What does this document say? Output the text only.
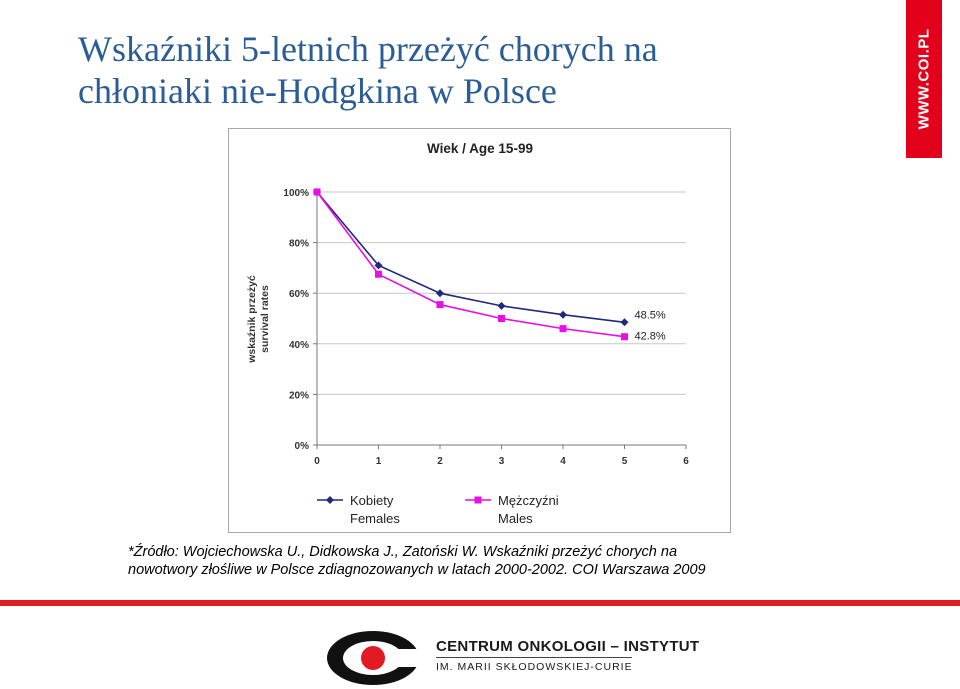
Wskaźniki 5-letnich przeżyć chorych na
chłoniaki nie-Hodgkina w Polsce	WWW.COI.PL
Wiek / Age 15-99
0%
20%
40%
60%
80%
100%
0	1	2	3	4	5	6
wskaźnik przeżyć survival rates	48.5%
42.8%
Kobiety
Females
Mężczyźni
Males
*Źródło: Wojciechowska U., Didkowska J., Zatoński W. Wskaźniki przeżyć chorych na
nowotwory złośliwe w Polsce zdiagnozowanych w latach 2000-2002. COI Warszawa 2009
CENTRUM ONKOLOGII – INSTYTUT
IM. MARII SKŁODOWSKIEJ-CURIE
